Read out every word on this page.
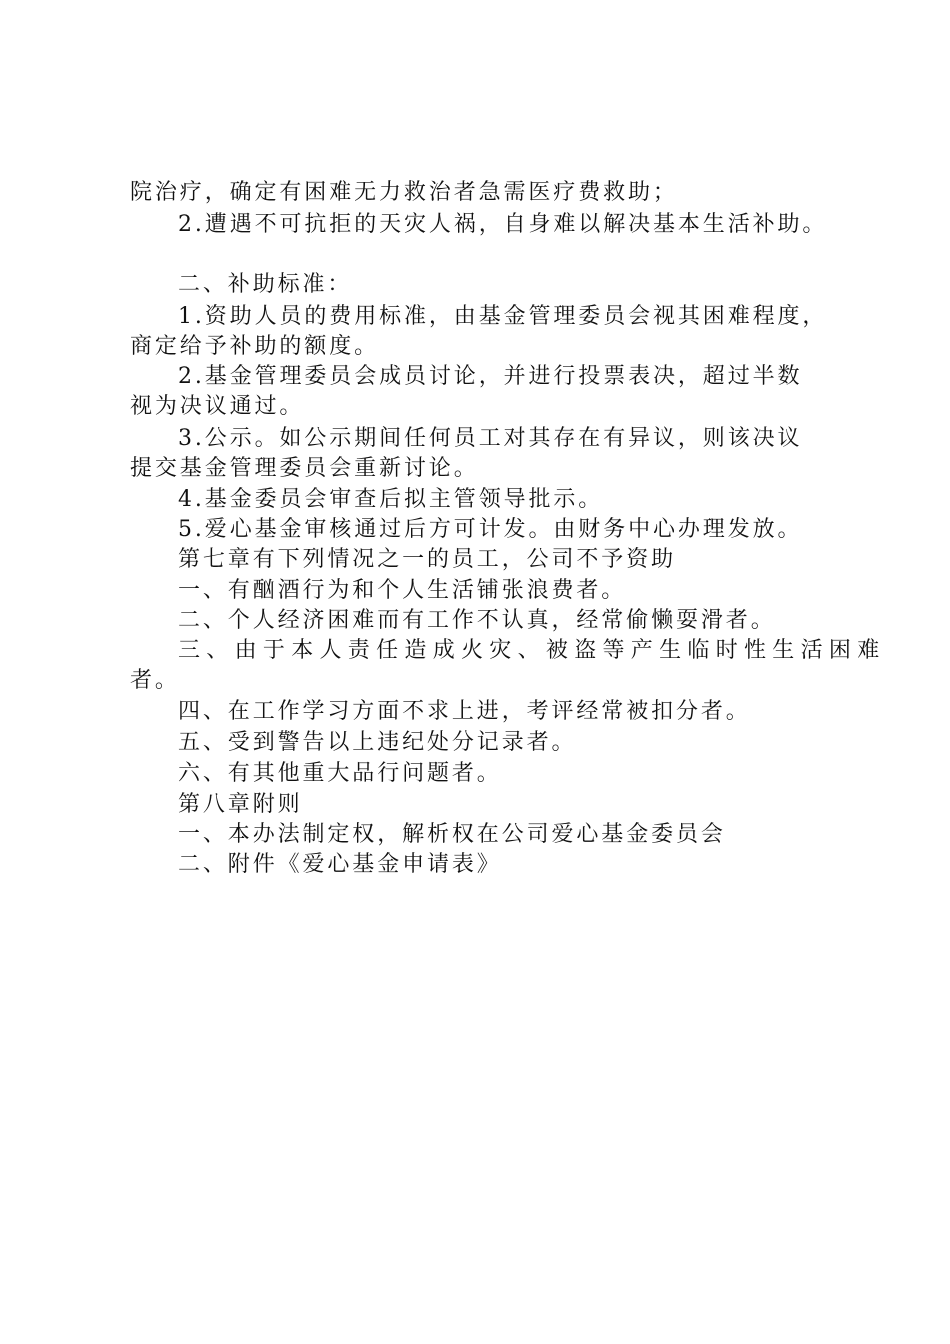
院治疗，确定有困难无力救治者急需医疗费救助；
2.遭遇不可抗拒的天灾人祸，自身难以解决基本生活补助。
二、补助标准：
1.资助人员的费用标准，由基金管理委员会视其困难程度，
商定给予补助的额度。
2.基金管理委员会成员讨论，并进行投票表决，超过半数
视为决议通过。
3.公示。如公示期间任何员工对其存在有异议，则该决议
提交基金管理委员会重新讨论。
4.基金委员会审查后拟主管领导批示。
5.爱心基金审核通过后方可计发。由财务中心办理发放。
第七章有下列情况之一的员工，公司不予资助
一、有酗酒行为和个人生活铺张浪费者。
二、个人经济困难而有工作不认真，经常偷懒耍滑者。
三、由于本人责任造成火灾、被盗等产生临时性生活困难
者。
四、在工作学习方面不求上进，考评经常被扣分者。
五、受到警告以上违纪处分记录者。
六、有其他重大品行问题者。
第八章附则
一、本办法制定权，解析权在公司爱心基金委员会
二、附件《爱心基金申请表》
